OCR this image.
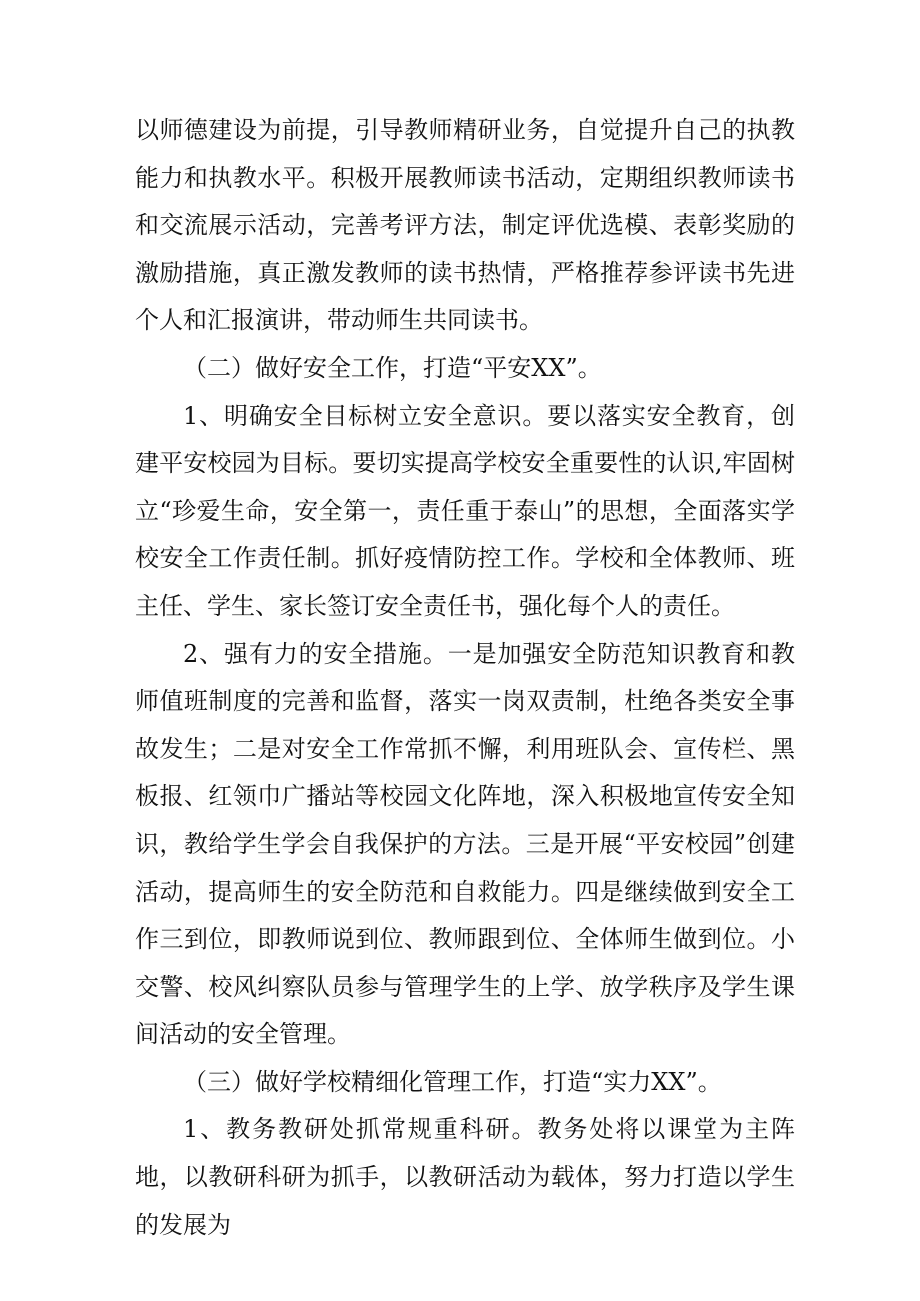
以师德建设为前提，引导教师精研业务，自觉提升自己的执教能力和执教水平。积极开展教师读书活动，定期组织教师读书和交流展示活动，完善考评方法，制定评优选模、表彰奖励的激励措施，真正激发教师的读书热情，严格推荐参评读书先进个人和汇报演讲，带动师生共同读书。

（二）做好安全工作，打造“平安XX”。

1、明确安全目标树立安全意识。要以落实安全教育，创建平安校园为目标。要切实提高学校安全重要性的认识,牢固树立“珍爱生命，安全第一，责任重于泰山”的思想，全面落实学校安全工作责任制。抓好疫情防控工作。学校和全体教师、班主任、学生、家长签订安全责任书，强化每个人的责任。

2、强有力的安全措施。一是加强安全防范知识教育和教师值班制度的完善和监督，落实一岗双责制，杜绝各类安全事故发生；二是对安全工作常抓不懈，利用班队会、宣传栏、黑板报、红领巾广播站等校园文化阵地，深入积极地宣传安全知识，教给学生学会自我保护的方法。三是开展“平安校园”创建活动，提高师生的安全防范和自救能力。四是继续做到安全工作三到位，即教师说到位、教师跟到位、全体师生做到位。小交警、校风纠察队员参与管理学生的上学、放学秩序及学生课间活动的安全管理。

（三）做好学校精细化管理工作，打造“实力XX”。

1、教务教研处抓常规重科研。教务处将以课堂为主阵地，以教研科研为抓手，以教研活动为载体，努力打造以学生的发展为
